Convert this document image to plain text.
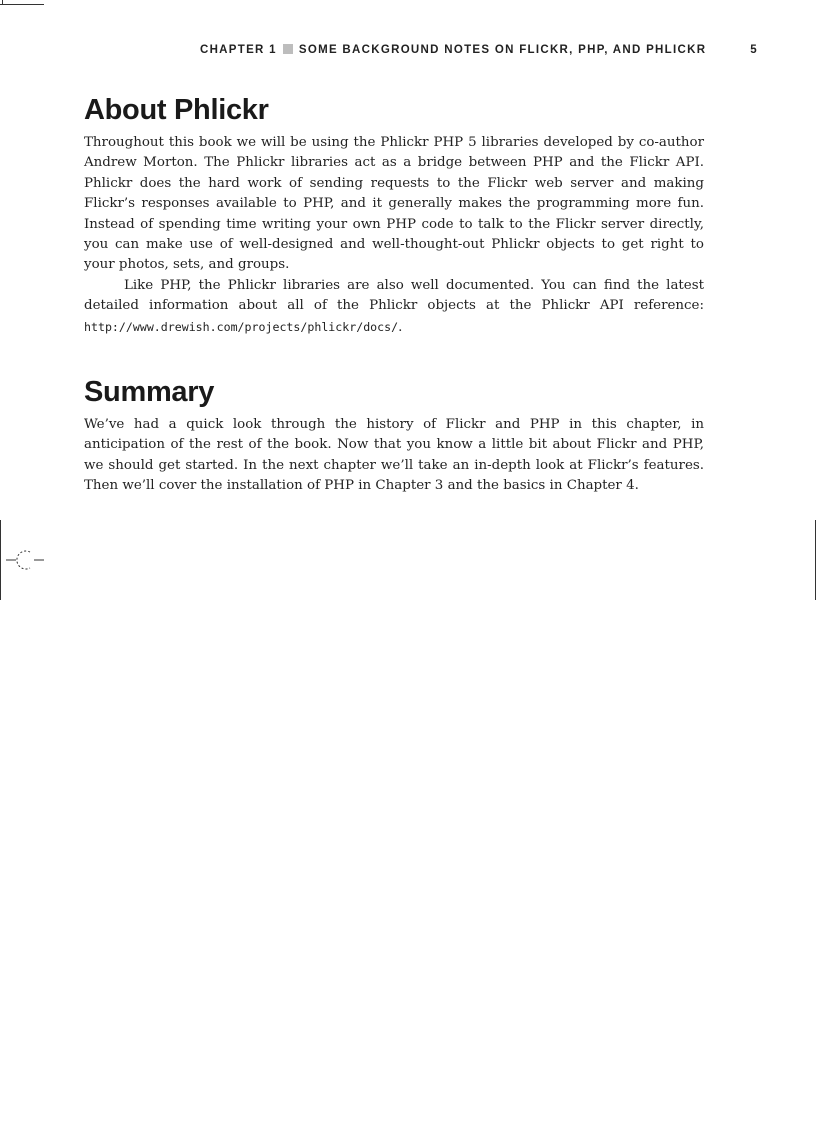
CHAPTER 1 SOME BACKGROUND NOTES ON FLICKR, PHP, AND PHLICKR	5
About Phlickr

Throughout this book we will be using the Phlickr PHP 5 libraries developed by co-author Andrew Morton. The Phlickr libraries act as a bridge between PHP and the Flickr API. Phlickr does the hard work of sending requests to the Flickr web server and making Flickr’s responses available to PHP, and it generally makes the programming more fun. Instead of spending time writing your own PHP code to talk to the Flickr server directly, you can make use of well-designed and well-thought-out Phlickr objects to get right to your photos, sets, and groups.

Like PHP, the Phlickr libraries are also well documented. You can find the latest detailed information about all of the Phlickr objects at the Phlickr API reference: http://www.drewish.com/projects/phlickr/docs/.

Summary

We’ve had a quick look through the history of Flickr and PHP in this chapter, in anticipation of the rest of the book. Now that you know a little bit about Flickr and PHP, we should get started. In the next chapter we’ll take an in-depth look at Flickr’s features. Then we’ll cover the installation of PHP in Chapter 3 and the basics in Chapter 4.
